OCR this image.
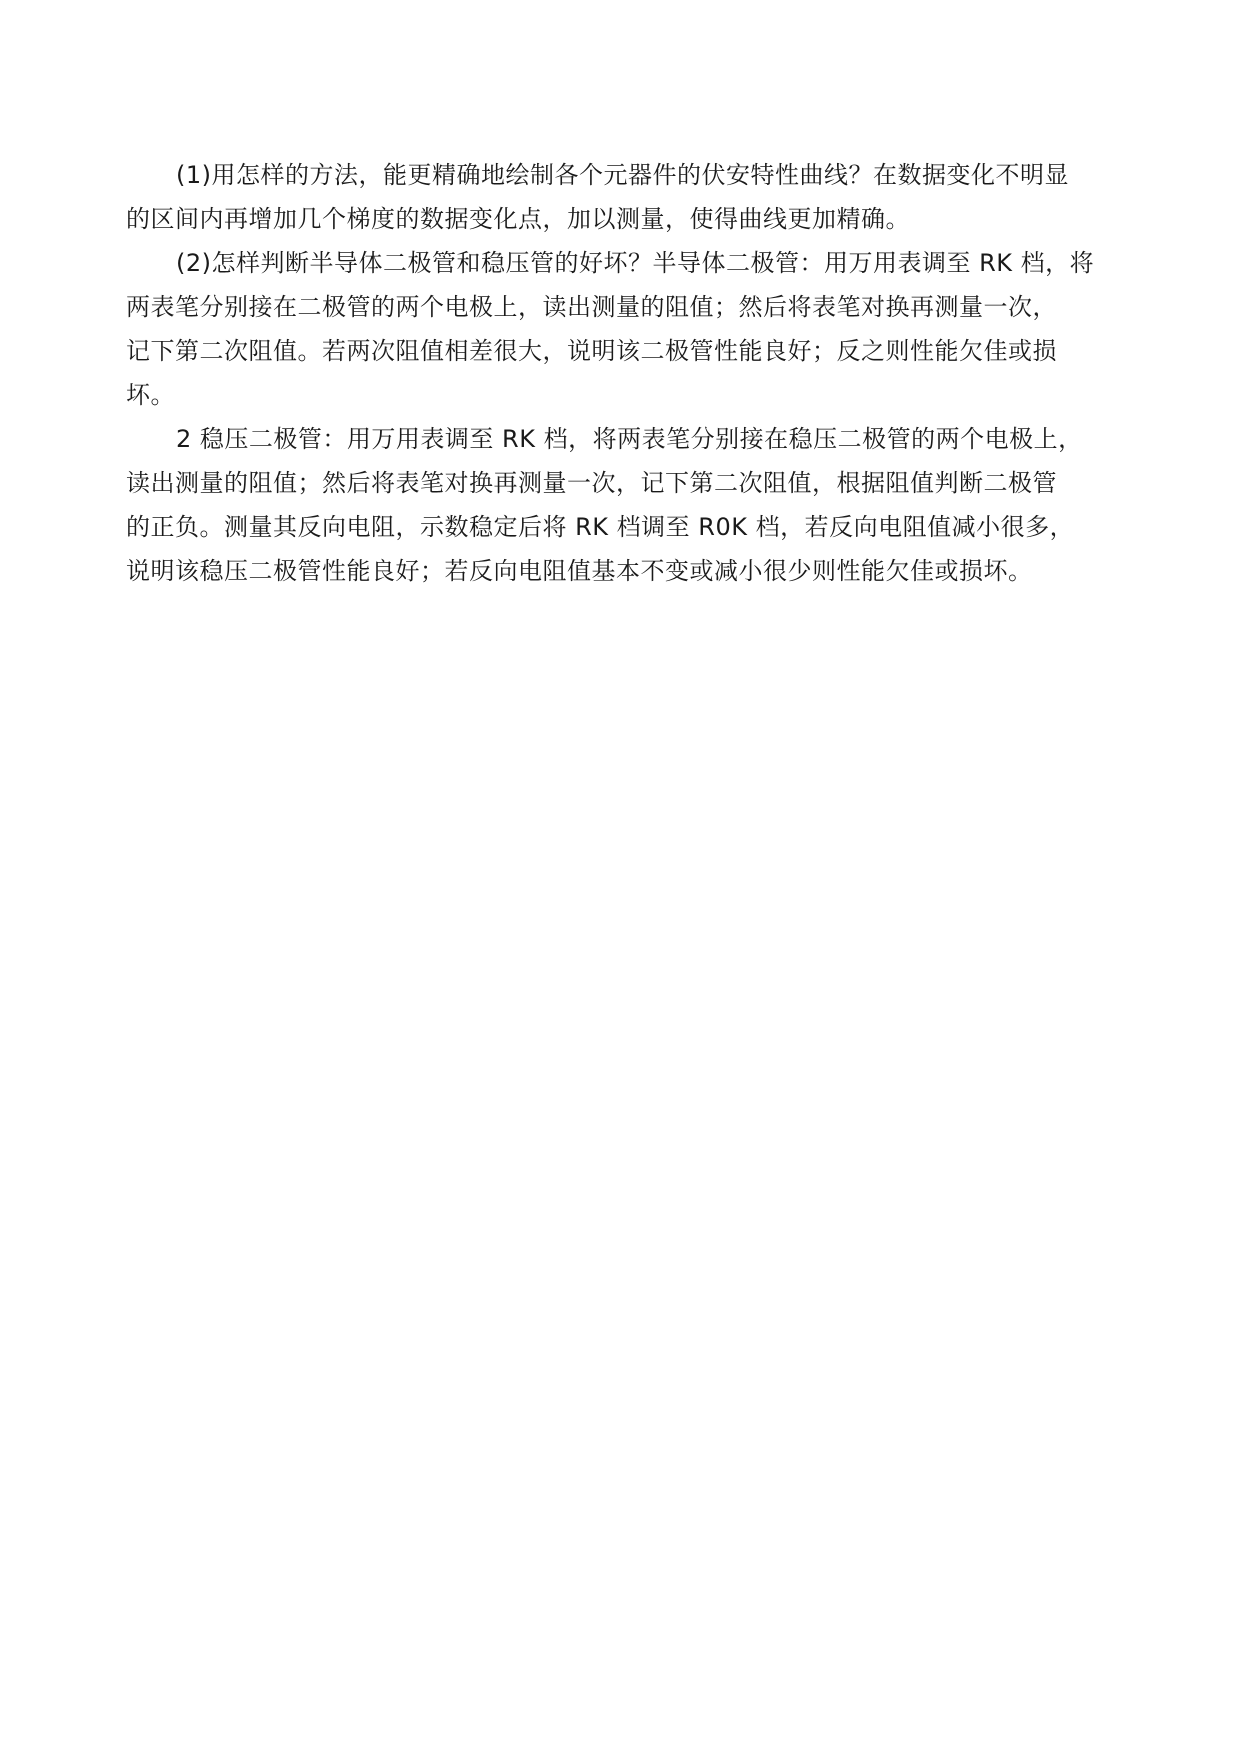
(1)用怎样的方法，能更精确地绘制各个元器件的伏安特性曲线？在数据变化不明显
的区间内再增加几个梯度的数据变化点，加以测量，使得曲线更加精确。

(2)怎样判断半导体二极管和稳压管的好坏？半导体二极管：用万用表调至 RK 档，将
两表笔分别接在二极管的两个电极上，读出测量的阻值；然后将表笔对换再测量一次，
记下第二次阻值。若两次阻值相差很大，说明该二极管性能良好；反之则性能欠佳或损
坏。

2 稳压二极管：用万用表调至 RK 档，将两表笔分别接在稳压二极管的两个电极上，
读出测量的阻值；然后将表笔对换再测量一次，记下第二次阻值，根据阻值判断二极管
的正负。测量其反向电阻，示数稳定后将 RK 档调至 R0K 档，若反向电阻值减小很多，
说明该稳压二极管性能良好；若反向电阻值基本不变或减小很少则性能欠佳或损坏。
